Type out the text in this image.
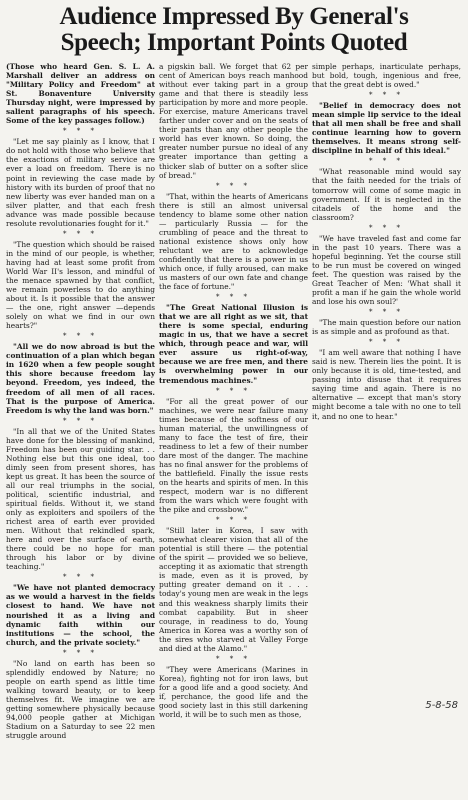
Audience Impressed By General's
Speech; Important Points Quoted

(Those who heard Gen. S. L. A. Marshall deliver an address on "Military Policy and Freedom" at St. Bonaventure University Thursday night, were impressed by salient paragraphs of his speech. Some of the key passages follow.)

* * *

"Let me say plainly as I know, that I do not hold with those who believe that the exactions of military service are ever a load on freedom. There is no point in reviewing the case made by history with its burden of proof that no new liberty was ever handed man on a silver platter, and that each fresh advance was made possible because resolute revolutionaries fought for it."

* * *

"The question which should be raised in the mind of our people, is whether, having had at least some profit from World War II's lesson, and mindful of the menace spawned by that conflict, we remain powerless to do anything about it. Is it possible that the answer — the one, right answer —depends solely on what we find in our own hearts?"

* * *

"All we do now abroad is but the continuation of a plan which began in 1620 when a few people sought this shore because freedom lay beyond. Freedom, yes indeed, the freedom of all men of all races. That is the purpose of America. Freedom is why the land was born."

* * *

"In all that we of the United States have done for the blessing of mankind, Freedom has been our guiding star. . . Nothing else but this one ideal, too dimly seen from present shores, has kept us great. It has been the source of all our real triumphs in the social, political, scientific industrial, and spiritual fields. Without it, we stand only as exploiters and spoilers of the richest area of earth ever provided men. Without that rekindled spark, here and over the surface of earth, there could be no hope for man through his labor or by divine teaching."

* * *

"We have not planted democracy as we would a harvest in the fields closest to hand. We have not nourished it as a living and dynamic faith within our institutions — the school, the church, and the private society."

* * *

"No land on earth has been so splendidly endowed by Nature; no people on earth spend as little time walking toward beauty, or to keep themselves fit. We imagine we are getting somewhere physically because 94,000 people gather at Michigan Stadium on a Saturday to see 22 men struggle around

a pigskin ball. We forget that 62 per cent of American boys reach manhood without ever taking part in a group game and that there is steadily less participation by more and more people. For exercise, mature Americans travel farther under cover and on the seats of their pants than any other people the world has ever known. So doing, the greater number pursue no ideal of any greater importance than getting a thicker slab of butter on a softer slice of bread."

* * *

"That, within the hearts of Americans there is still an almost universal tendency to blame some other nation — particularly Russia — for the crumbling of peace and the threat to national existence shows only how reluctant we are to acknowledge confidently that there is a power in us which once, if fully aroused, can make us masters of our own fate and change the face of fortune."

* * *

"The Great National Illusion is that we are all right as we sit, that there is some special, enduring magic in us, that we have a secret which, through peace and war, will ever assure us right-of-way, because we are free men, and there is overwhelming power in our tremendous machines."

* * *

"For all the great power of our machines, we were near failure many times because of the softness of our human material, the unwillingness of many to face the test of fire, their readiness to let a few of their number dare most of the danger. The machine has no final answer for the problems of the battlefield. Finally the issue rests on the hearts and spirits of men. In this respect, modern war is no different from the wars which were fought with the pike and crossbow."

* * *

"Still later in Korea, I saw with somewhat clearer vision that all of the potential is still there — the potential of the spirit — provided we so believe, accepting it as axiomatic that strength is made, even as it is proved, by putting greater demand on it . . . today's young men are weak in the legs and this weakness sharply limits their combat capability. But in sheer courage, in readiness to do, Young America in Korea was a worthy son of the sires who starved at Valley Forge and died at the Alamo."

* * *

"They were Americans (Marines in Korea), fighting not for iron laws, but for a good life and a good society. And if, perchance, the good life and the good society last in this still darkening world, it will be to such men as those,

simple perhaps, inarticulate perhaps, but bold, tough, ingenious and free, that the great debt is owed."

* * *

"Belief in democracy does not mean simple lip service to the ideal that all men shall be free and shall continue learning how to govern themselves. It means strong self-discipline in behalf of this ideal."

* * *

"What reasonable mind would say that the faith needed for the trials of tomorrow will come of some magic in government. If it is neglected in the citadels of the home and the classroom?

* * *

"We have traveled fast and come far in the past 10 years. There was a hopeful beginning. Yet the course still to be run must be covered on winged feet. The question was raised by the Great Teacher of Men: 'What shall it profit a man if he gain the whole world and lose his own soul?'

* * *

"The main question before our nation is as simple and as profound as that.

* * *

"I am well aware that nothing I have said is new. Therein lies the point. It is only because it is old, time-tested, and passing into disuse that it requires saying time and again. There is no alternative — except that man's story might become a tale with no one to tell it, and no one to hear."

5-8-58
